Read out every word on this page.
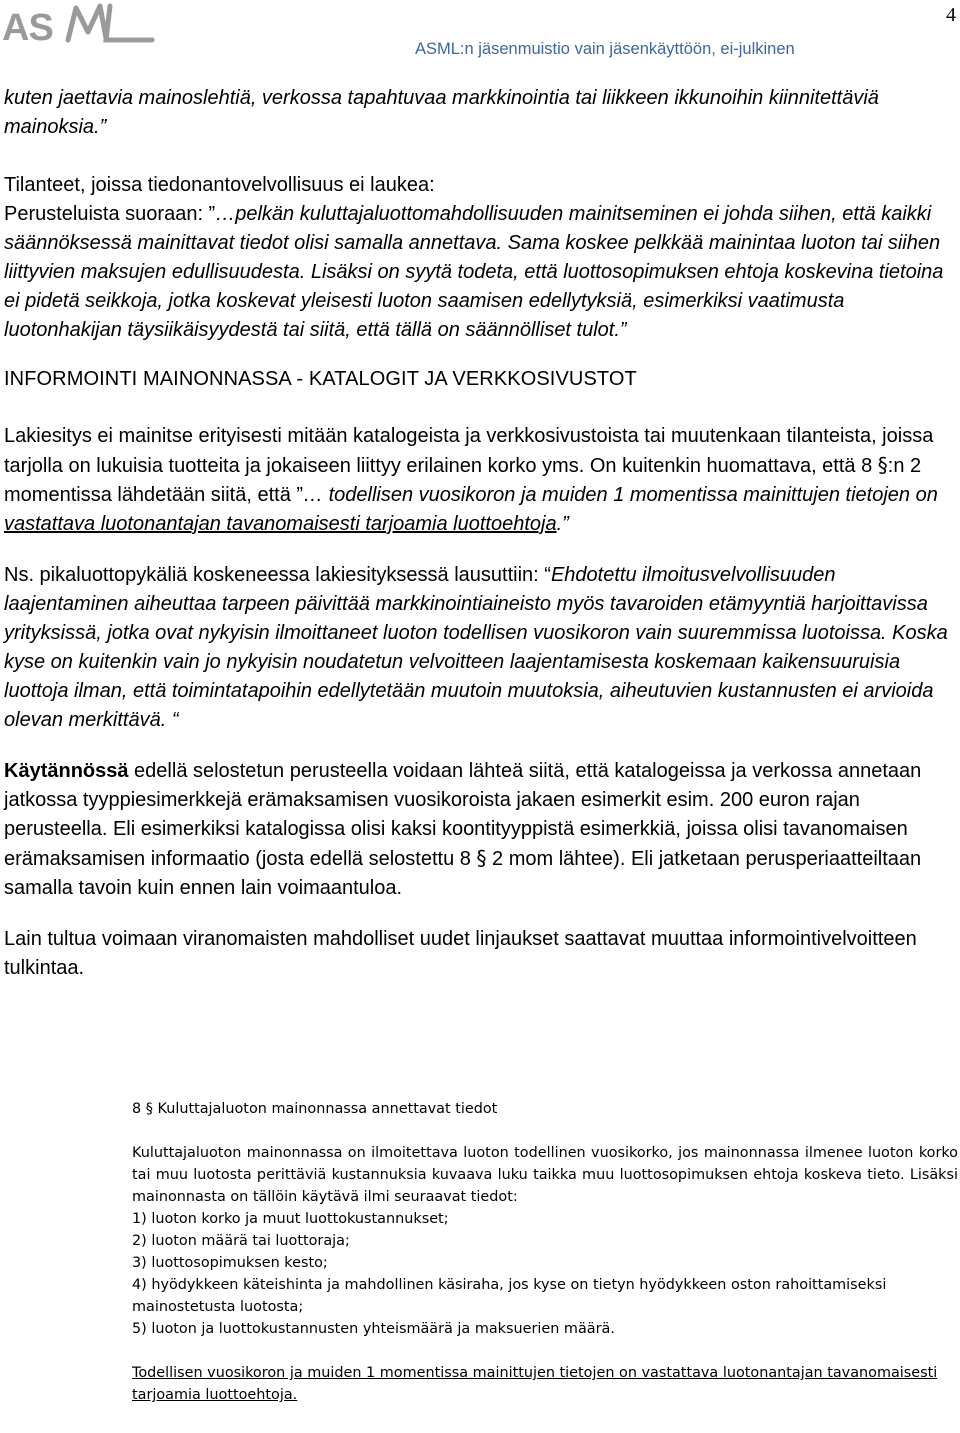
AS	4
ASML:n jäsenmuistio vain jäsenkäyttöön, ei-julkinen

kuten jaettavia mainoslehtiä, verkossa tapahtuvaa markkinointia tai liikkeen ikkunoihin kiinnitettäviä mainoksia.”

Tilanteet, joissa tiedonantovelvollisuus ei laukea:
Perusteluista suoraan: ”…pelkän kuluttajaluottomahdollisuuden mainitseminen ei johda siihen, että kaikki säännöksessä mainittavat tiedot olisi samalla annettava. Sama koskee pelkkää mainintaa luoton tai siihen liittyvien maksujen edullisuudesta. Lisäksi on syytä todeta, että luottosopimuksen ehtoja koskevina tietoina ei pidetä seikkoja, jotka koskevat yleisesti luoton saamisen edellytyksiä, esimerkiksi vaatimusta luotonhakijan täysiikäisyydestä tai siitä, että tällä on säännölliset tulot.”

INFORMOINTI MAINONNASSA - KATALOGIT JA VERKKOSIVUSTOT

Lakiesitys ei mainitse erityisesti mitään katalogeista ja verkkosivustoista tai muutenkaan tilanteista, joissa tarjolla on lukuisia tuotteita ja jokaiseen liittyy erilainen korko yms. On kuitenkin huomattava, että 8 §:n 2 momentissa lähdetään siitä, että ”… todellisen vuosikoron ja muiden 1 momentissa mainittujen tietojen on vastattava luotonantajan tavanomaisesti tarjoamia luottoehtoja.”

Ns. pikaluottopykäliä koskeneessa lakiesityksessä lausuttiin: “Ehdotettu ilmoitusvelvollisuuden laajentaminen aiheuttaa tarpeen päivittää markkinointiaineisto myös tavaroiden etämyyntiä harjoittavissa yrityksissä, jotka ovat nykyisin ilmoittaneet luoton todellisen vuosikoron vain suuremmissa luotoissa. Koska kyse on kuitenkin vain jo nykyisin noudatetun velvoitteen laajentamisesta koskemaan kaikensuuruisia luottoja ilman, että toimintatapoihin edellytetään muutoin muutoksia, aiheutuvien kustannusten ei arvioida olevan merkittävä. “

Käytännössä edellä selostetun perusteella voidaan lähteä siitä, että katalogeissa ja verkossa annetaan jatkossa tyyppiesimerkkejä erämaksamisen vuosikoroista jakaen esimerkit esim. 200 euron rajan perusteella. Eli esimerkiksi katalogissa olisi kaksi koontityyppistä esimerkkiä, joissa olisi tavanomaisen erämaksamisen informaatio (josta edellä selostettu 8 § 2 mom lähtee). Eli jatketaan perusperiaatteiltaan samalla tavoin kuin ennen lain voimaantuloa.

Lain tultua voimaan viranomaisten mahdolliset uudet linjaukset saattavat muuttaa informointivelvoitteen tulkintaa.

8 § Kuluttajaluoton mainonnassa annettavat tiedot

Kuluttajaluoton mainonnassa on ilmoitettava luoton todellinen vuosikorko, jos mainonnassa ilmenee luoton korko tai muu luotosta perittäviä kustannuksia kuvaava luku taikka muu luottosopimuksen ehtoja koskeva tieto. Lisäksi mainonnasta on tällöin käytävä ilmi seuraavat tiedot:

1) luoton korko ja muut luottokustannukset;

2) luoton määrä tai luottoraja;

3) luottosopimuksen kesto;

4) hyödykkeen käteishinta ja mahdollinen käsiraha, jos kyse on tietyn hyödykkeen oston rahoittamiseksi mainostetusta luotosta;

5) luoton ja luottokustannusten yhteismäärä ja maksuerien määrä.

Todellisen vuosikoron ja muiden 1 momentissa mainittujen tietojen on vastattava luotonantajan tavanomaisesti tarjoamia luottoehtoja.
